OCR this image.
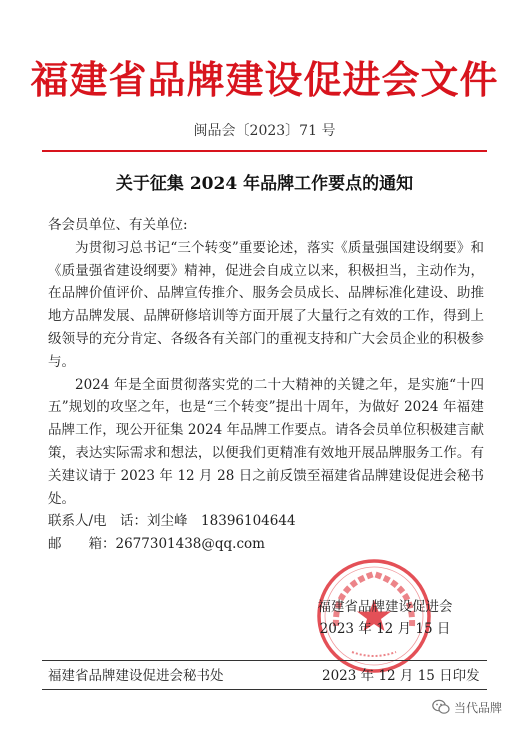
福建省品牌建设促进会文件
闽品会〔2023〕71 号
关于征集 2024 年品牌工作要点的通知

各会员单位、有关单位:

为贯彻习总书记“三个转变”重要论述，落实《质量强国建设纲要》和《质量强省建设纲要》精神，促进会自成立以来，积极担当，主动作为，在品牌价值评价、品牌宣传推介、服务会员成长、品牌标准化建设、助推地方品牌发展、品牌研修培训等方面开展了大量行之有效的工作，得到上级领导的充分肯定、各级各有关部门的重视支持和广大会员企业的积极参与。

2024 年是全面贯彻落实党的二十大精神的关键之年，是实施“十四五”规划的攻坚之年，也是“三个转变”提出十周年，为做好 2024 年福建品牌工作，现公开征集 2024 年品牌工作要点。请各会员单位积极建言献策，表达实际需求和想法，以便我们更精准有效地开展品牌服务工作。有关建议请于 2023 年 12 月 28 日之前反馈至福建省品牌建设促进会秘书处。

联系人/电　话：刘尘峰　18396104644

邮　　箱：2677301438@qq.com

福建省品牌建设促进会
2023 年 12 月 15 日
福建省品牌建设促进会秘书处	2023 年 12 月 15 日印发
当代品牌
